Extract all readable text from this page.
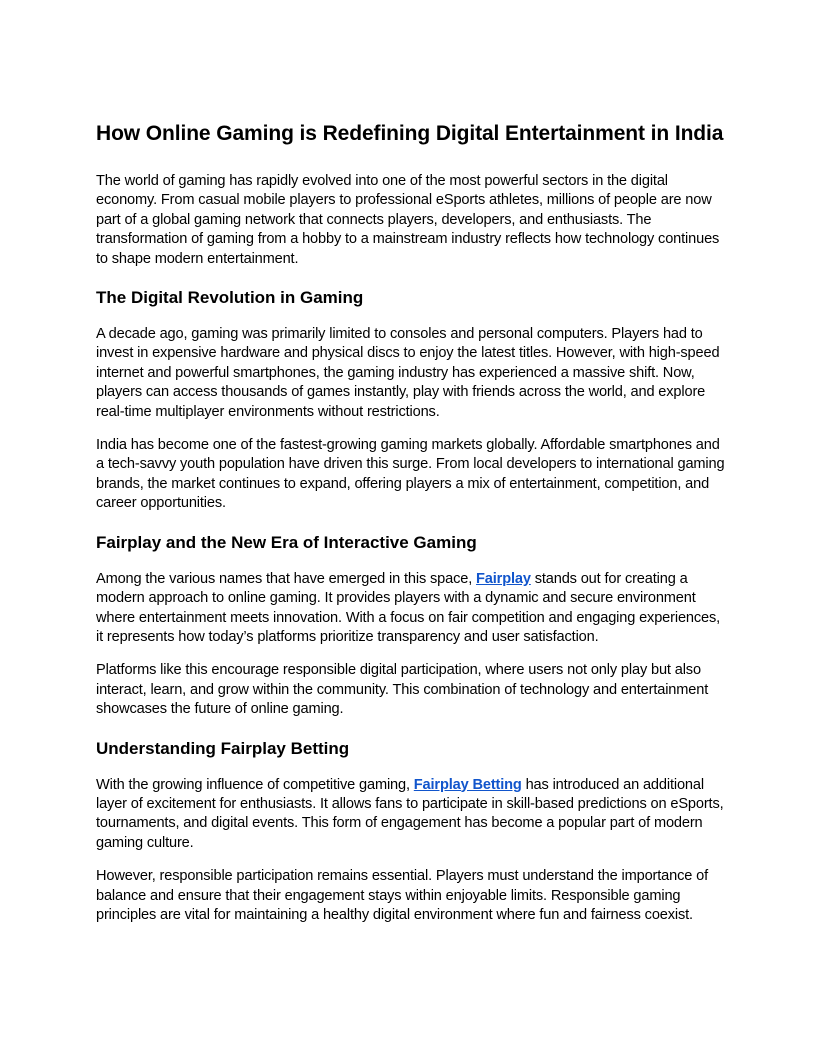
How Online Gaming is Redefining Digital Entertainment in India

The world of gaming has rapidly evolved into one of the most powerful sectors in the digital economy. From casual mobile players to professional eSports athletes, millions of people are now part of a global gaming network that connects players, developers, and enthusiasts. The transformation of gaming from a hobby to a mainstream industry reflects how technology continues to shape modern entertainment.

The Digital Revolution in Gaming

A decade ago, gaming was primarily limited to consoles and personal computers. Players had to invest in expensive hardware and physical discs to enjoy the latest titles. However, with high-speed internet and powerful smartphones, the gaming industry has experienced a massive shift. Now, players can access thousands of games instantly, play with friends across the world, and explore real-time multiplayer environments without restrictions.

India has become one of the fastest-growing gaming markets globally. Affordable smartphones and a tech-savvy youth population have driven this surge. From local developers to international gaming brands, the market continues to expand, offering players a mix of entertainment, competition, and career opportunities.

Fairplay and the New Era of Interactive Gaming

Among the various names that have emerged in this space, Fairplay stands out for creating a modern approach to online gaming. It provides players with a dynamic and secure environment where entertainment meets innovation. With a focus on fair competition and engaging experiences, it represents how today’s platforms prioritize transparency and user satisfaction.

Platforms like this encourage responsible digital participation, where users not only play but also interact, learn, and grow within the community. This combination of technology and entertainment showcases the future of online gaming.

Understanding Fairplay Betting

With the growing influence of competitive gaming, Fairplay Betting has introduced an additional layer of excitement for enthusiasts. It allows fans to participate in skill-based predictions on eSports, tournaments, and digital events. This form of engagement has become a popular part of modern gaming culture.

However, responsible participation remains essential. Players must understand the importance of balance and ensure that their engagement stays within enjoyable limits. Responsible gaming principles are vital for maintaining a healthy digital environment where fun and fairness coexist.
